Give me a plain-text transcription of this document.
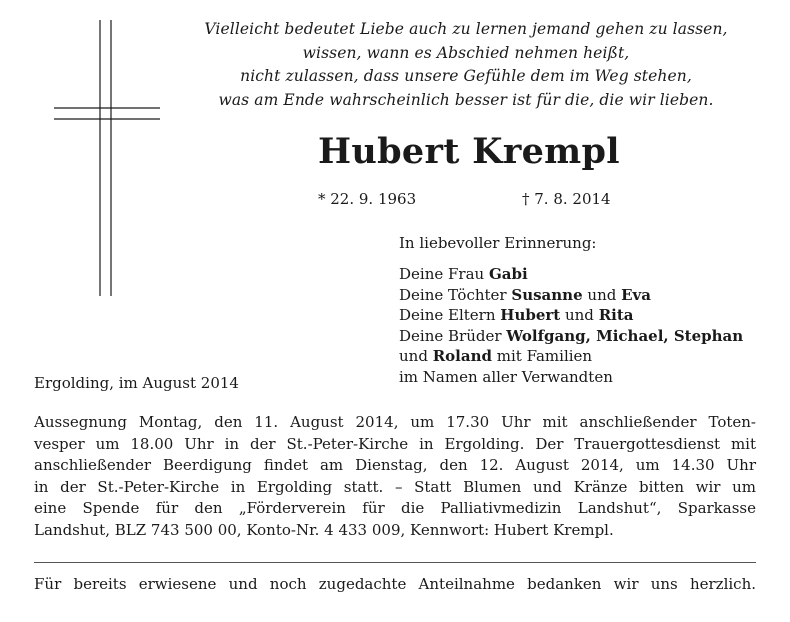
Vielleicht bedeutet Liebe auch zu lernen jemand gehen zu lassen,
wissen, wann es Abschied nehmen heißt,
nicht zulassen, dass unsere Gefühle dem im Weg stehen,
was am Ende wahrscheinlich besser ist für die, die wir lieben.
Hubert Krempl
* 22. 9. 1963	† 7. 8. 2014
In liebevoller Erinnerung:
Deine Frau Gabi
Deine Töchter Susanne und Eva
Deine Eltern Hubert und Rita
Deine Brüder Wolfgang, Michael, Stephan
und Roland mit Familien
im Namen aller Verwandten
Ergolding, im August 2014
Aussegnung Montag, den 11. August 2014, um 17.30 Uhr mit anschließender Toten-
vesper um 18.00 Uhr in der St.-Peter-Kirche in Ergolding. Der Trauergottesdienst mit
anschließender Beerdigung findet am Dienstag, den 12. August 2014, um 14.30 Uhr
in der St.-Peter-Kirche in Ergolding statt. – Statt Blumen und Kränze bitten wir um
eine Spende für den „Förderverein für die Palliativmedizin Landshut“, Sparkasse
Landshut, BLZ 743 500 00, Konto-Nr. 4 433 009, Kennwort: Hubert Krempl.
Für bereits erwiesene und noch zugedachte Anteilnahme bedanken wir uns herzlich.
